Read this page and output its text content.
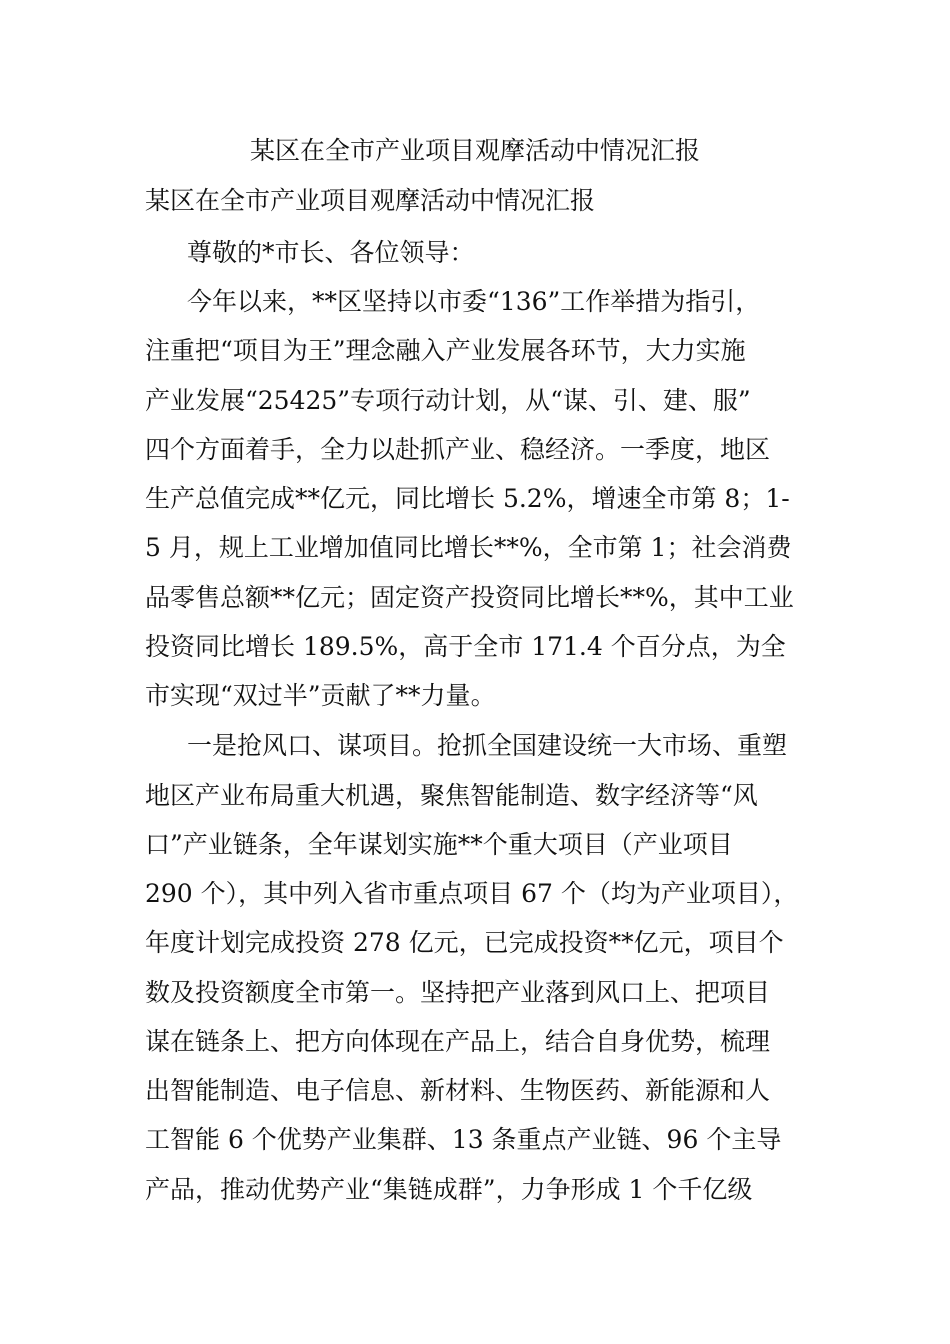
某区在全市产业项目观摩活动中情况汇报
某区在全市产业项目观摩活动中情况汇报
尊敬的*市长、各位领导：
今年以来，**区坚持以市委“136”工作举措为指引，
注重把“项目为王”理念融入产业发展各环节，大力实施
产业发展“25425”专项行动计划，从“谋、引、建、服”
四个方面着手，全力以赴抓产业、稳经济。一季度，地区
生产总值完成**亿元，同比增长 5.2%，增速全市第 8；1-
5 月，规上工业增加值同比增长**%，全市第 1；社会消费
品零售总额**亿元；固定资产投资同比增长**%，其中工业
投资同比增长 189.5%，高于全市 171.4 个百分点，为全
市实现“双过半”贡献了**力量。
一是抢风口、谋项目。抢抓全国建设统一大市场、重塑
地区产业布局重大机遇，聚焦智能制造、数字经济等“风
口”产业链条，全年谋划实施**个重大项目（产业项目
290 个），其中列入省市重点项目 67 个（均为产业项目），
年度计划完成投资 278 亿元，已完成投资**亿元，项目个
数及投资额度全市第一。坚持把产业落到风口上、把项目
谋在链条上、把方向体现在产品上，结合自身优势，梳理
出智能制造、电子信息、新材料、生物医药、新能源和人
工智能 6 个优势产业集群、13 条重点产业链、96 个主导
产品，推动优势产业“集链成群”，力争形成 1 个千亿级
